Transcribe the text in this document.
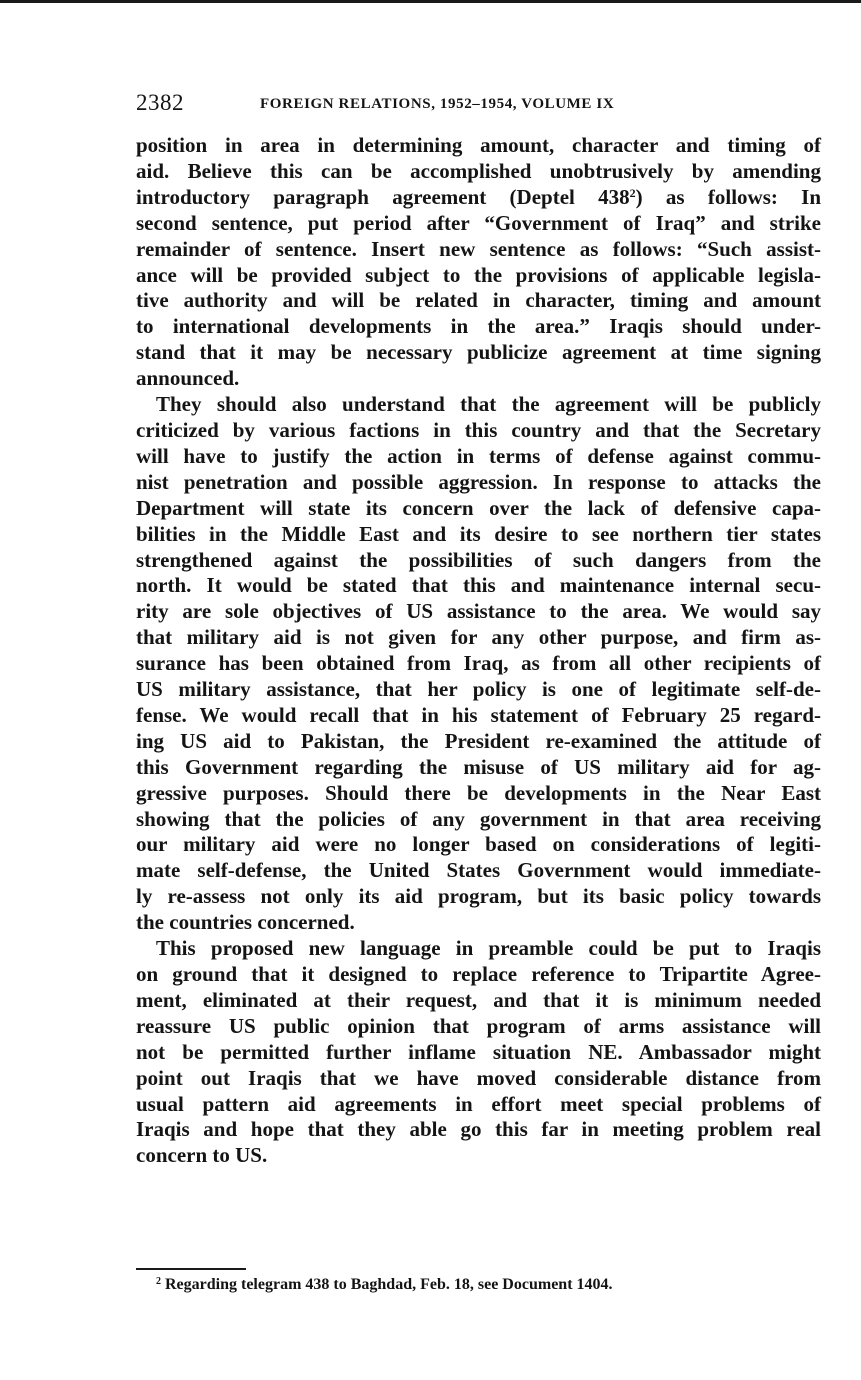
2382	FOREIGN RELATIONS, 1952–1954, VOLUME IX

position in area in determining amount, character and timing of
aid. Believe this can be accomplished unobtrusively by amending
introductory paragraph agreement (Deptel $438^2$) as follows: In
second sentence, put period after “Government of Iraq” and strike
remainder of sentence. Insert new sentence as follows: “Such assist-
ance will be provided subject to the provisions of applicable legisla-
tive authority and will be related in character, timing and amount
to international developments in the area.” Iraqis should under-
stand that it may be necessary publicize agreement at time signing
announced.

They should also understand that the agreement will be publicly
criticized by various factions in this country and that the Secretary
will have to justify the action in terms of defense against commu-
nist penetration and possible aggression. In response to attacks the
Department will state its concern over the lack of defensive capa-
bilities in the Middle East and its desire to see northern tier states
strengthened against the possibilities of such dangers from the
north. It would be stated that this and maintenance internal secu-
rity are sole objectives of US assistance to the area. We would say
that military aid is not given for any other purpose, and firm as-
surance has been obtained from Iraq, as from all other recipients of
US military assistance, that her policy is one of legitimate self-de-
fense. We would recall that in his statement of February 25 regard-
ing US aid to Pakistan, the President re-examined the attitude of
this Government regarding the misuse of US military aid for ag-
gressive purposes. Should there be developments in the Near East
showing that the policies of any government in that area receiving
our military aid were no longer based on considerations of legiti-
mate self-defense, the United States Government would immediate-
ly re-assess not only its aid program, but its basic policy towards
the countries concerned.

This proposed new language in preamble could be put to Iraqis
on ground that it designed to replace reference to Tripartite Agree-
ment, eliminated at their request, and that it is minimum needed
reassure US public opinion that program of arms assistance will
not be permitted further inflame situation NE. Ambassador might
point out Iraqis that we have moved considerable distance from
usual pattern aid agreements in effort meet special problems of
Iraqis and hope that they able go this far in meeting problem real
concern to US.

$^2$ Regarding telegram 438 to Baghdad, Feb. 18, see Document 1404.
